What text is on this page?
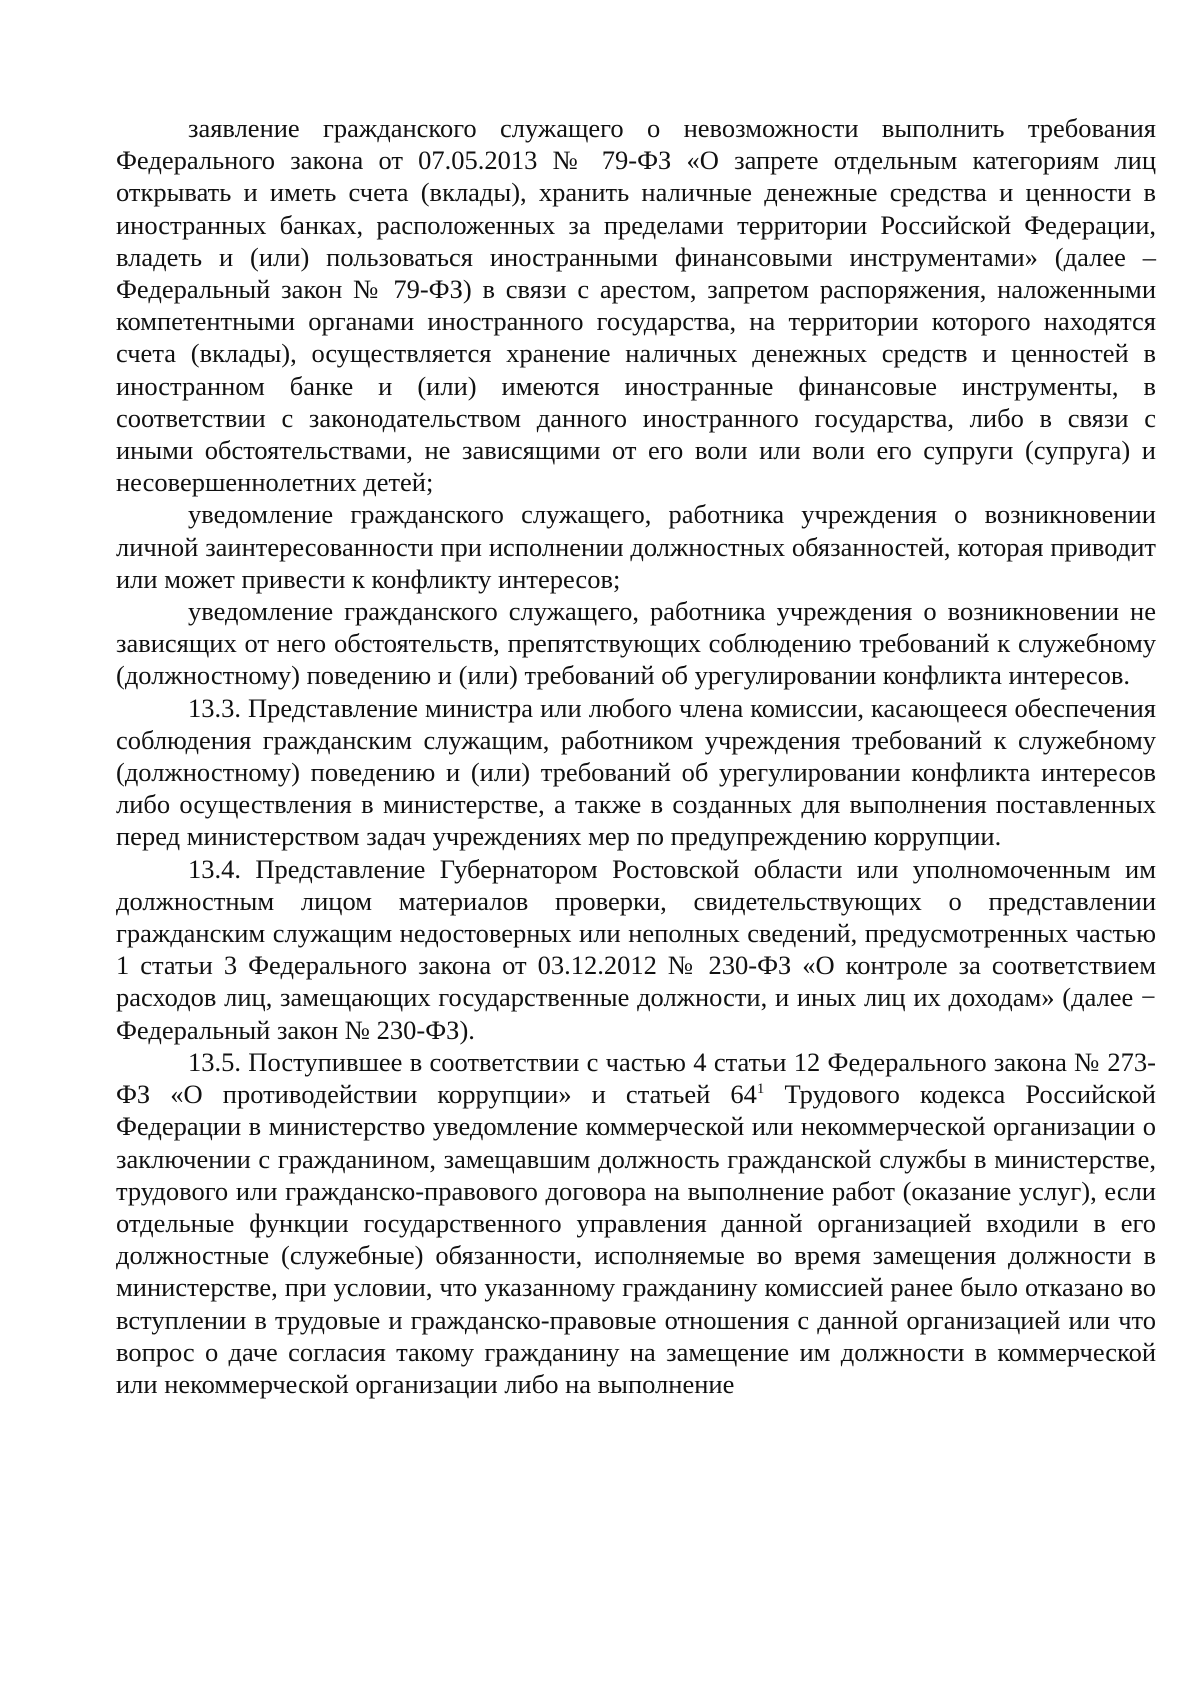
заявление гражданского служащего о невозможности выполнить требования Федерального закона от 07.05.2013 № 79-ФЗ «О запрете отдельным категориям лиц открывать и иметь счета (вклады), хранить наличные денежные средства и ценности в иностранных банках, расположенных за пределами территории Российской Федерации, владеть и (или) пользоваться иностранными финансовыми инструментами» (далее – Федеральный закон № 79-ФЗ) в связи с арестом, запретом распоряжения, наложенными компетентными органами иностранного государства, на территории которого находятся счета (вклады), осуществляется хранение наличных денежных средств и ценностей в иностранном банке и (или) имеются иностранные финансовые инструменты, в соответствии с законодательством данного иностранного государства, либо в связи с иными обстоятельствами, не зависящими от его воли или воли его супруги (супруга) и несовершеннолетних детей;

уведомление гражданского служащего, работника учреждения о возникновении личной заинтересованности при исполнении должностных обязанностей, которая приводит или может привести к конфликту интересов;

уведомление гражданского служащего, работника учреждения о возникновении не зависящих от него обстоятельств, препятствующих соблюдению требований к служебному (должностному) поведению и (или) требований об урегулировании конфликта интересов.

13.3. Представление министра или любого члена комиссии, касающееся обеспечения соблюдения гражданским служащим, работником учреждения требований к служебному (должностному) поведению и (или) требований об урегулировании конфликта интересов либо осуществления в министерстве, а также в созданных для выполнения поставленных перед министерством задач учреждениях мер по предупреждению коррупции.

13.4. Представление Губернатором Ростовской области или уполномоченным им должностным лицом материалов проверки, свидетельствующих о представлении гражданским служащим недостоверных или неполных сведений, предусмотренных частью 1 статьи 3 Федерального закона от 03.12.2012 № 230-ФЗ «О контроле за соответствием расходов лиц, замещающих государственные должности, и иных лиц их доходам» (далее − Федеральный закон № 230-ФЗ).

13.5. Поступившее в соответствии с частью 4 статьи 12 Федерального закона № 273-ФЗ «О противодействии коррупции» и статьей $64^1$ Трудового кодекса Российской Федерации в министерство уведомление коммерческой или некоммерческой организации о заключении с гражданином, замещавшим должность гражданской службы в министерстве, трудового или гражданско-правового договора на выполнение работ (оказание услуг), если отдельные функции государственного управления данной организацией входили в его должностные (служебные) обязанности, исполняемые во время замещения должности в министерстве, при условии, что указанному гражданину комиссией ранее было отказано во вступлении в трудовые и гражданско-правовые отношения с данной организацией или что вопрос о даче согласия такому гражданину на замещение им должности в коммерческой или некоммерческой организации либо на выполнение
